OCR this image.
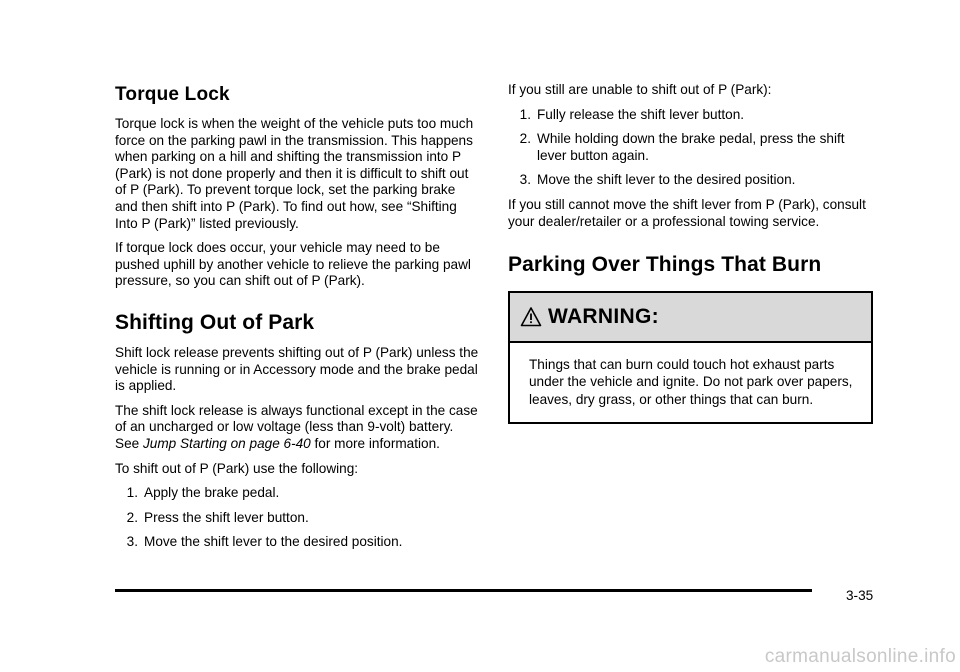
Torque Lock

Torque lock is when the weight of the vehicle puts too much force on the parking pawl in the transmission. This happens when parking on a hill and shifting the transmission into P (Park) is not done properly and then it is difficult to shift out of P (Park). To prevent torque lock, set the parking brake and then shift into P (Park). To find out how, see “Shifting Into P (Park)” listed previously.

If torque lock does occur, your vehicle may need to be pushed uphill by another vehicle to relieve the parking pawl pressure, so you can shift out of P (Park).

Shifting Out of Park

Shift lock release prevents shifting out of P (Park) unless the vehicle is running or in Accessory mode and the brake pedal is applied.

The shift lock release is always functional except in the case of an uncharged or low voltage (less than 9-volt) battery. See Jump Starting on page 6-40 for more information.

To shift out of P (Park) use the following:

1. Apply the brake pedal.
2. Press the shift lever button.
3. Move the shift lever to the desired position.

If you still are unable to shift out of P (Park):

1. Fully release the shift lever button.
2. While holding down the brake pedal, press the shift lever button again.
3. Move the shift lever to the desired position.

If you still cannot move the shift lever from P (Park), consult your dealer/retailer or a professional towing service.

Parking Over Things That Burn
WARNING:

Things that can burn could touch hot exhaust parts under the vehicle and ignite. Do not park over papers, leaves, dry grass, or other things that can burn.

3-35
carmanualsonline.info
